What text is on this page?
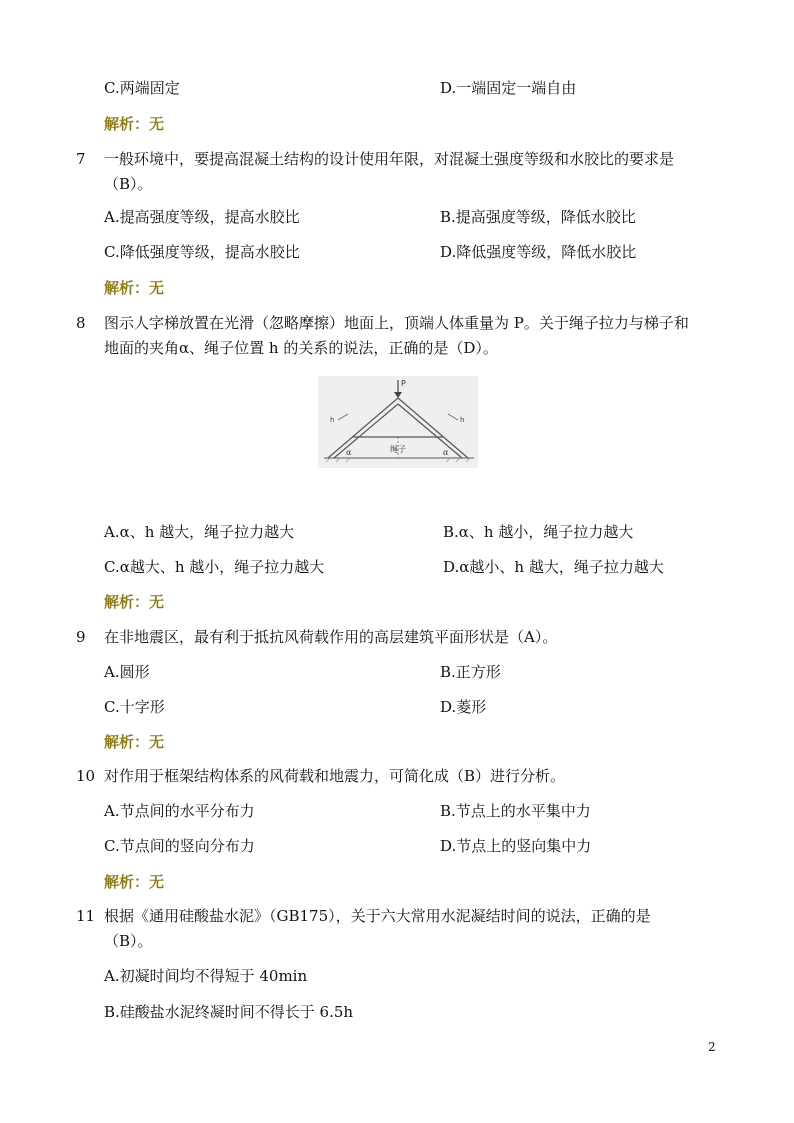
C.两端固定	D.一端固定一端自由
解析：无
7 一般环境中，要提高混凝土结构的设计使用年限，对混凝土强度等级和水胶比的要求是
（B）。
A.提高强度等级，提高水胶比	B.提高强度等级，降低水胶比
C.降低强度等级，提高水胶比	D.降低强度等级，降低水胶比
解析：无
8 图示人字梯放置在光滑（忽略摩擦）地面上，顶端人体重量为 P。关于绳子拉力与梯子和
地面的夹角α、绳子位置 h 的关系的说法，正确的是（D）。
P
h	h
α	α
绳子
A.α、h 越大，绳子拉力越大	B.α、h 越小，绳子拉力越大
C.α越大、h 越小，绳子拉力越大	D.α越小、h 越大，绳子拉力越大
解析：无
9 在非地震区，最有利于抵抗风荷载作用的高层建筑平面形状是（A）。
A.圆形	B.正方形
C.十字形	D.菱形
解析：无
10 对作用于框架结构体系的风荷载和地震力，可简化成（B）进行分析。
A.节点间的水平分布力	B.节点上的水平集中力
C.节点间的竖向分布力	D.节点上的竖向集中力
解析：无
11 根据《通用硅酸盐水泥》（GB175），关于六大常用水泥凝结时间的说法，正确的是
（B）。
A.初凝时间均不得短于 40min
B.硅酸盐水泥终凝时间不得长于 6.5h
2
